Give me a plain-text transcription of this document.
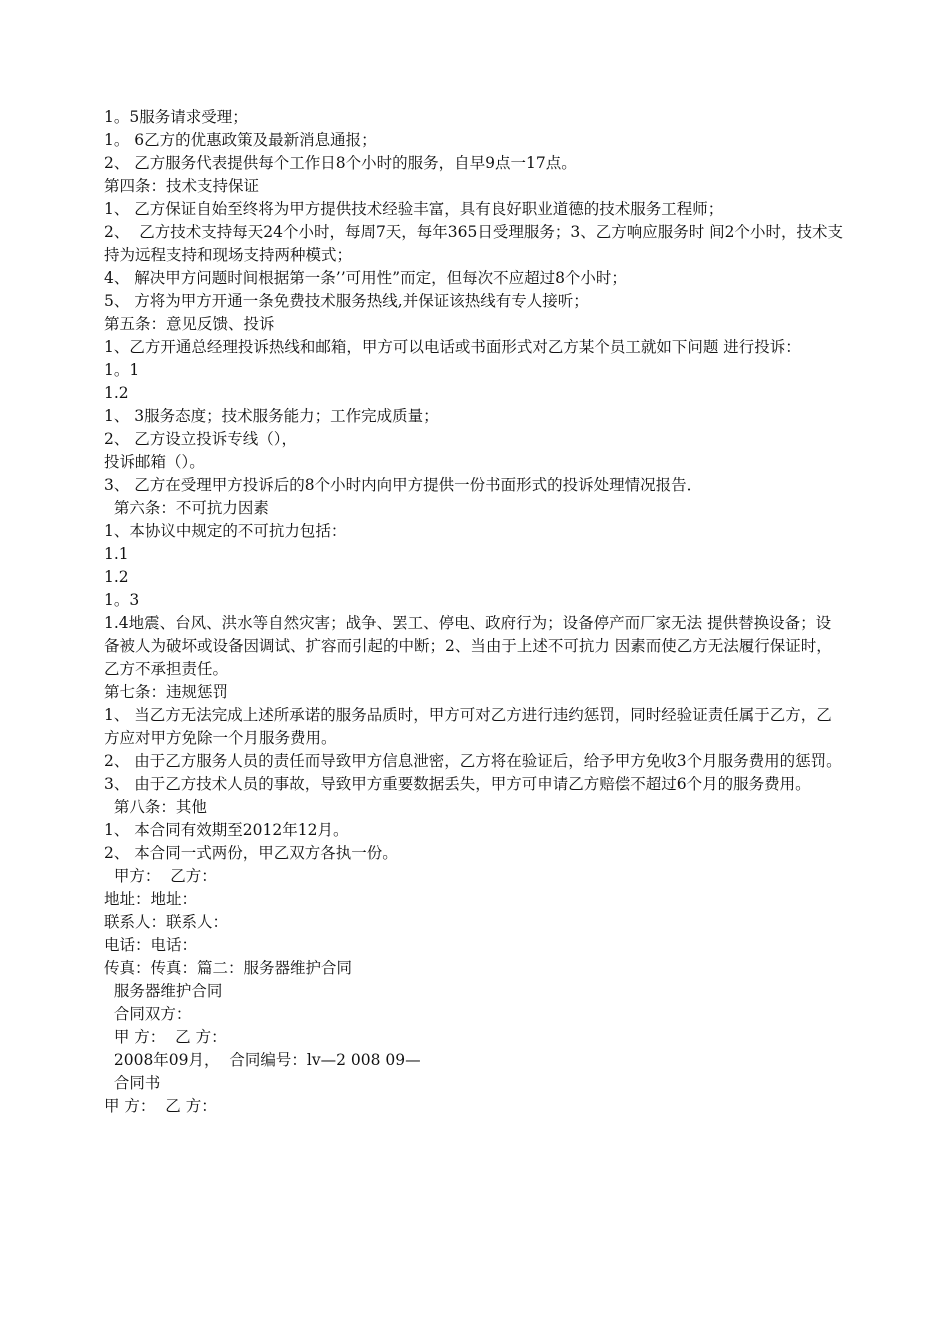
1。5服务请求受理；

1。 6乙方的优惠政策及最新消息通报；

2、 乙方服务代表提供每个工作日8个小时的服务，自早9点一17点。

第四条：技术支持保证

1、 乙方保证自始至终将为甲方提供技术经验丰富，具有良好职业道德的技术服务工程师；

2、  乙方技术支持每天24个小时，每周7天，每年365日受理服务；3、乙方响应服务时 间2个小时，技术支持为远程支持和现场支持两种模式；

4、 解决甲方问题时间根据第一条’’可用性”而定，但每次不应超过8个小时；

5、 方将为甲方开通一条免费技术服务热线,并保证该热线有专人接听；

第五条：意见反馈、投诉

1、乙方开通总经理投诉热线和邮箱，甲方可以电话或书面形式对乙方某个员工就如下问题 进行投诉：

1。1

1.2

1、 3服务态度；技术服务能力；工作完成质量；

2、 乙方设立投诉专线（），

投诉邮箱（）。

3、 乙方在受理甲方投诉后的8个小时内向甲方提供一份书面形式的投诉处理情况报告．

第六条：不可抗力因素

1、本协议中规定的不可抗力包括：

1.1

1.2

1。3

1.4地震、台风、洪水等自然灾害；战争、罢工、停电、政府行为；设备停产而厂家无法 提供替换设备；设备被人为破坏或设备因调试、扩容而引起的中断；2、当由于上述不可抗力 因素而使乙方无法履行保证时，乙方不承担责任。

第七条：违规惩罚

1、 当乙方无法完成上述所承诺的服务品质时，甲方可对乙方进行违约惩罚，同时经验证责任属于乙方，乙方应对甲方免除一个月服务费用。

2、 由于乙方服务人员的责任而导致甲方信息泄密，乙方将在验证后，给予甲方免收3个月服务费用的惩罚。

3、 由于乙方技术人员的事故，导致甲方重要数据丢失，甲方可申请乙方赔偿不超过6个月的服务费用。

第八条：其他

1、 本合同有效期至2012年12月。

2、 本合同一式两份，甲乙双方各执一份。

甲方：  乙方：

地址：地址：

联系人：联系人：

电话：电话：

传真：传真：篇二：服务器维护合同

服务器维护合同

合同双方：

甲 方：  乙 方：

2008年09月，  合同编号：lv—2 008 09—

合同书

甲 方：  乙 方：
